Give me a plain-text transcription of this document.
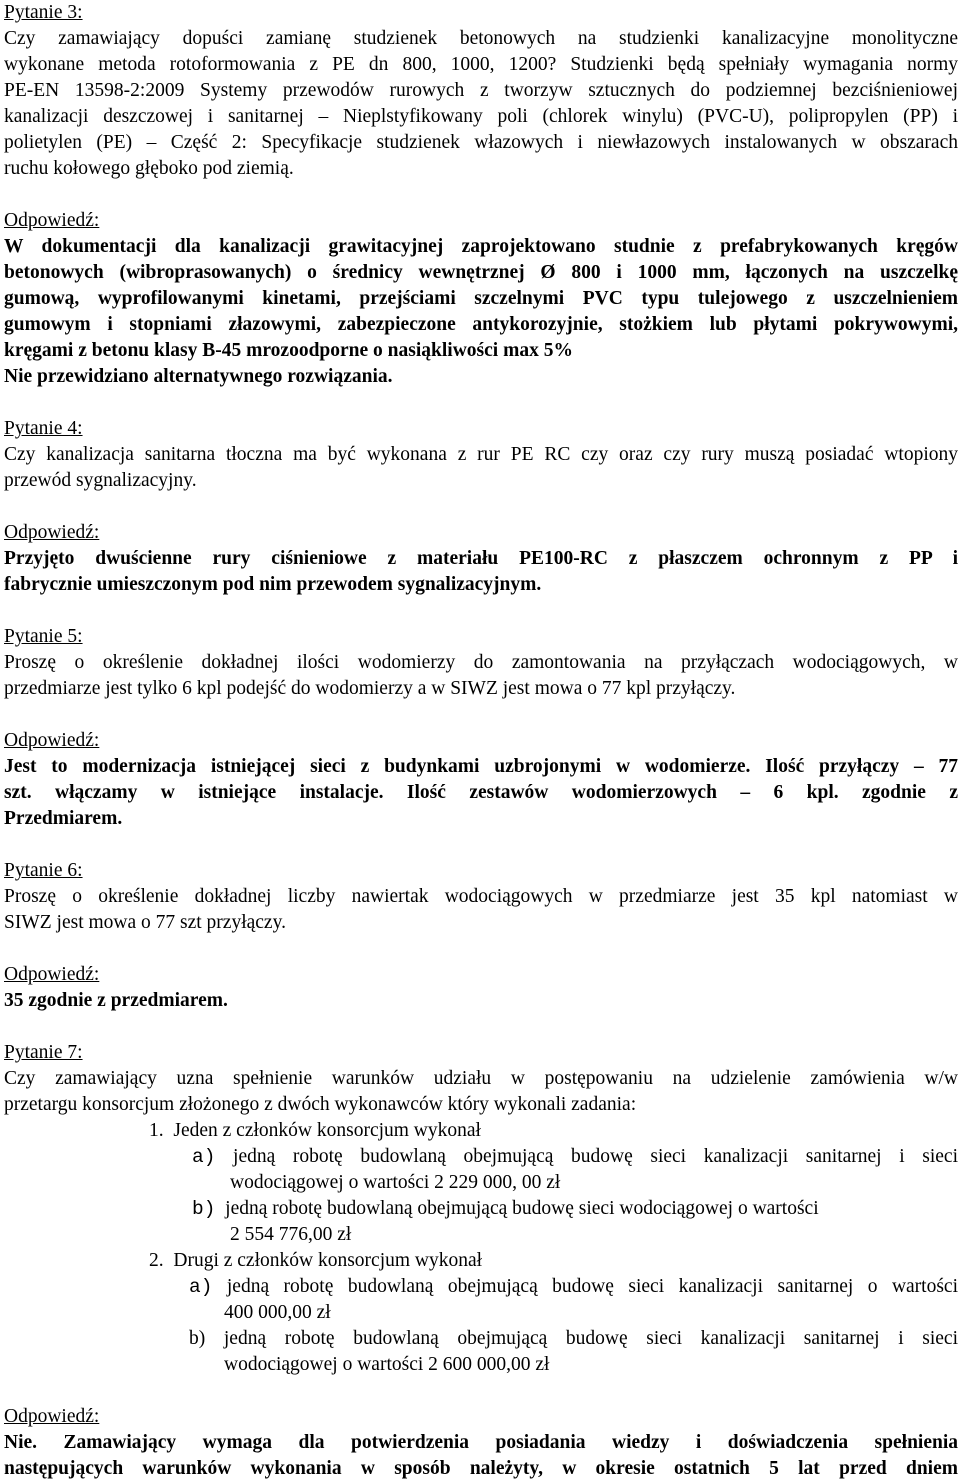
Pytanie 3:
Czy zamawiający dopuści zamianę studzienek betonowych na studzienki kanalizacyjne monolityczne
wykonane metoda rotoformowania z PE dn 800, 1000, 1200? Studzienki będą spełniały wymagania normy
PE-EN 13598-2:2009 Systemy przewodów rurowych z tworzyw sztucznych do podziemnej bezciśnieniowej
kanalizacji deszczowej i sanitarnej – Nieplstyfikowany poli (chlorek winylu) (PVC-U), polipropylen (PP) i
polietylen (PE) – Część 2: Specyfikacje studzienek włazowych i niewłazowych instalowanych w obszarach
ruchu kołowego głęboko pod ziemią.
Odpowiedź:
W dokumentacji dla kanalizacji grawitacyjnej zaprojektowano studnie z prefabrykowanych kręgów
betonowych (wibroprasowanych) o średnicy wewnętrznej Ø 800 i 1000 mm, łączonych na uszczelkę
gumową, wyprofilowanymi kinetami, przejściami szczelnymi PVC typu tulejowego z uszczelnieniem
gumowym i stopniami złazowymi, zabezpieczone antykorozyjnie, stożkiem lub płytami pokrywowymi,
kręgami z betonu klasy B-45 mrozoodporne o nasiąkliwości max 5%
Nie przewidziano alternatywnego rozwiązania.
Pytanie 4:
Czy kanalizacja sanitarna tłoczna ma być wykonana z rur PE RC czy oraz czy rury muszą posiadać wtopiony
przewód sygnalizacyjny.
Odpowiedź:
Przyjęto dwuścienne rury ciśnieniowe z materiału PE100-RC z płaszczem ochronnym z PP i
fabrycznie umieszczonym pod nim przewodem sygnalizacyjnym.
Pytanie 5:
Proszę o określenie dokładnej ilości wodomierzy do zamontowania na przyłączach wodociągowych, w
przedmiarze jest tylko 6 kpl podejść do wodomierzy a w SIWZ jest mowa o 77 kpl przyłączy.
Odpowiedź:
Jest to modernizacja istniejącej sieci z budynkami uzbrojonymi w wodomierze. Ilość przyłączy – 77
szt. włączamy w istniejące instalacje. Ilość zestawów wodomierzowych – 6 kpl. zgodnie z
Przedmiarem.
Pytanie 6:
Proszę o określenie dokładnej liczby nawiertak wodociągowych w przedmiarze jest 35 kpl natomiast w
SIWZ jest mowa o 77 szt przyłączy.
Odpowiedź:
35 zgodnie z przedmiarem.
Pytanie 7:
Czy zamawiający uzna spełnienie warunków udziału w postępowaniu na udzielenie zamówienia w/w
przetargu konsorcjum złożonego z dwóch wykonawców który wykonali zadania:
1.  Jeden z członków konsorcjum wykonał
a) jedną robotę budowlaną obejmującą budowę sieci kanalizacji sanitarnej i sieci
wodociągowej o wartości 2 229 000, 00 zł
b) jedną robotę budowlaną obejmującą budowę sieci wodociągowej o wartości
2 554 776,00 zł
2.  Drugi z członków konsorcjum wykonał
a) jedną robotę budowlaną obejmującą budowę sieci kanalizacji sanitarnej o wartości
400 000,00 zł
b) jedną robotę budowlaną obejmującą budowę sieci kanalizacji sanitarnej i sieci
wodociągowej o wartości 2 600 000,00 zł
Odpowiedź:
Nie. Zamawiający wymaga dla potwierdzenia posiadania wiedzy i doświadczenia spełnienia
następujących warunków wykonania w sposób należyty, w okresie ostatnich 5 lat przed dniem
